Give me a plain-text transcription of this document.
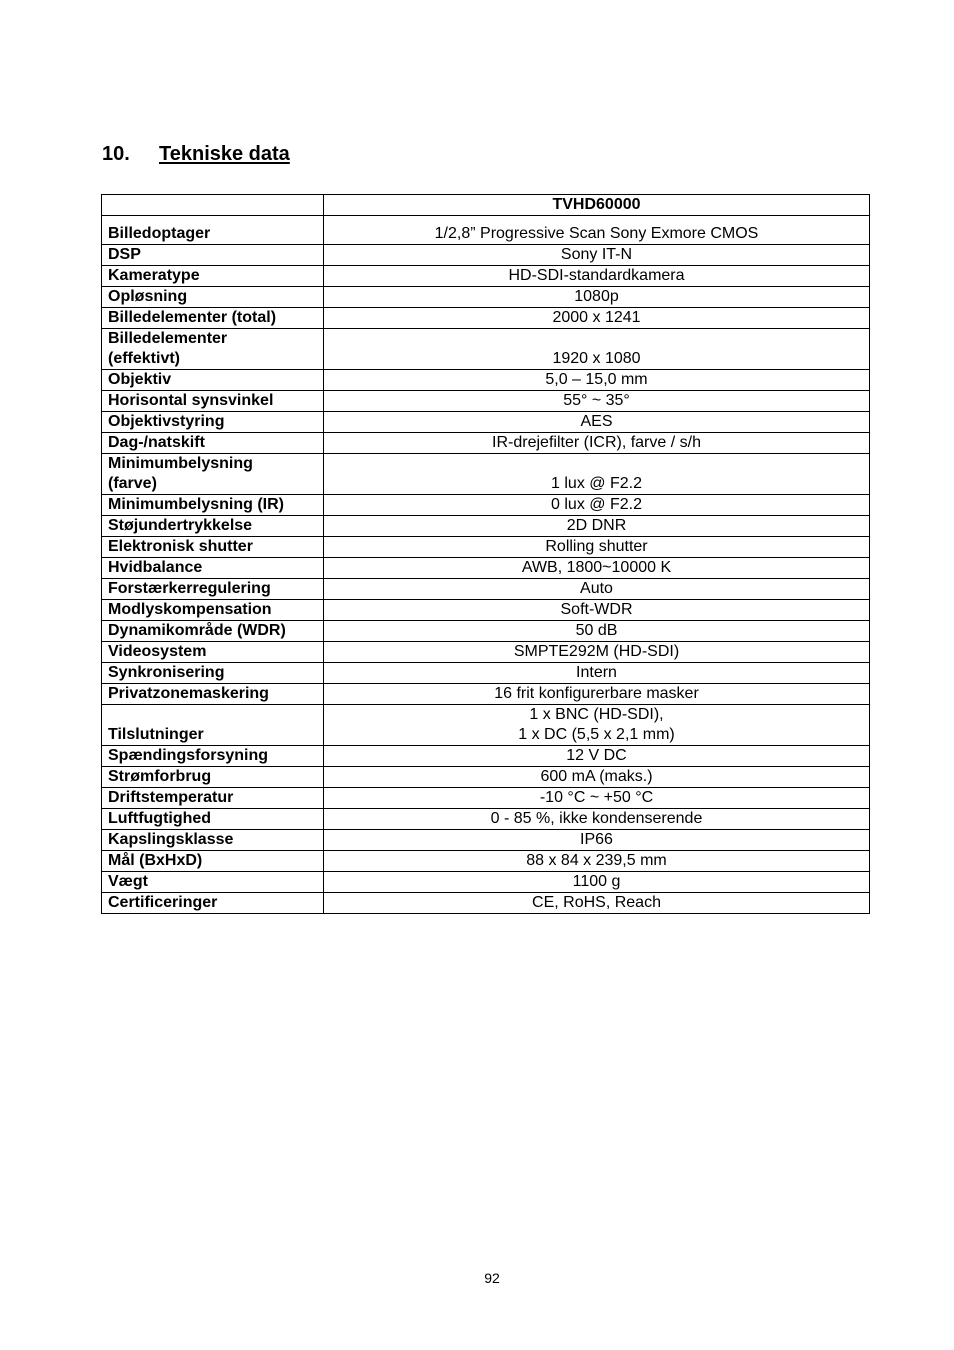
10. Tekniske data
	TVHD60000

Billedoptager	1/2,8” Progressive Scan Sony Exmore CMOS

DSP	Sony IT-N

Kameratype	HD-SDI-standardkamera

Opløsning	1080p

Billedelementer (total)	2000 x 1241

Billedelementer
(effektivt)	1920 x 1080

Objektiv	5,0 – 15,0 mm

Horisontal synsvinkel	55° ~ 35°

Objektivstyring	AES

Dag-/natskift	IR-drejefilter (ICR), farve / s/h

Minimumbelysning
(farve)	1 lux @ F2.2

Minimumbelysning (IR)	0 lux @ F2.2

Støjundertrykkelse	2D DNR

Elektronisk shutter	Rolling shutter

Hvidbalance	AWB, 1800~10000 K

Forstærkerregulering	Auto

Modlyskompensation	Soft-WDR

Dynamikområde (WDR)	50 dB

Videosystem	SMPTE292M (HD-SDI)

Synkronisering	Intern

Privatzonemaskering	16 frit konfigurerbare masker

Tilslutninger	1 x BNC (HD-SDI),
1 x DC (5,5 x 2,1 mm)

Spændingsforsyning	12 V DC

Strømforbrug	600 mA (maks.)

Driftstemperatur	-10 °C ~ +50 °C

Luftfugtighed	0 - 85 %, ikke kondenserende

Kapslingsklasse	IP66

Mål (BxHxD)	88 x 84 x 239,5 mm

Vægt	1100 g

Certificeringer	CE, RoHS, Reach
92
